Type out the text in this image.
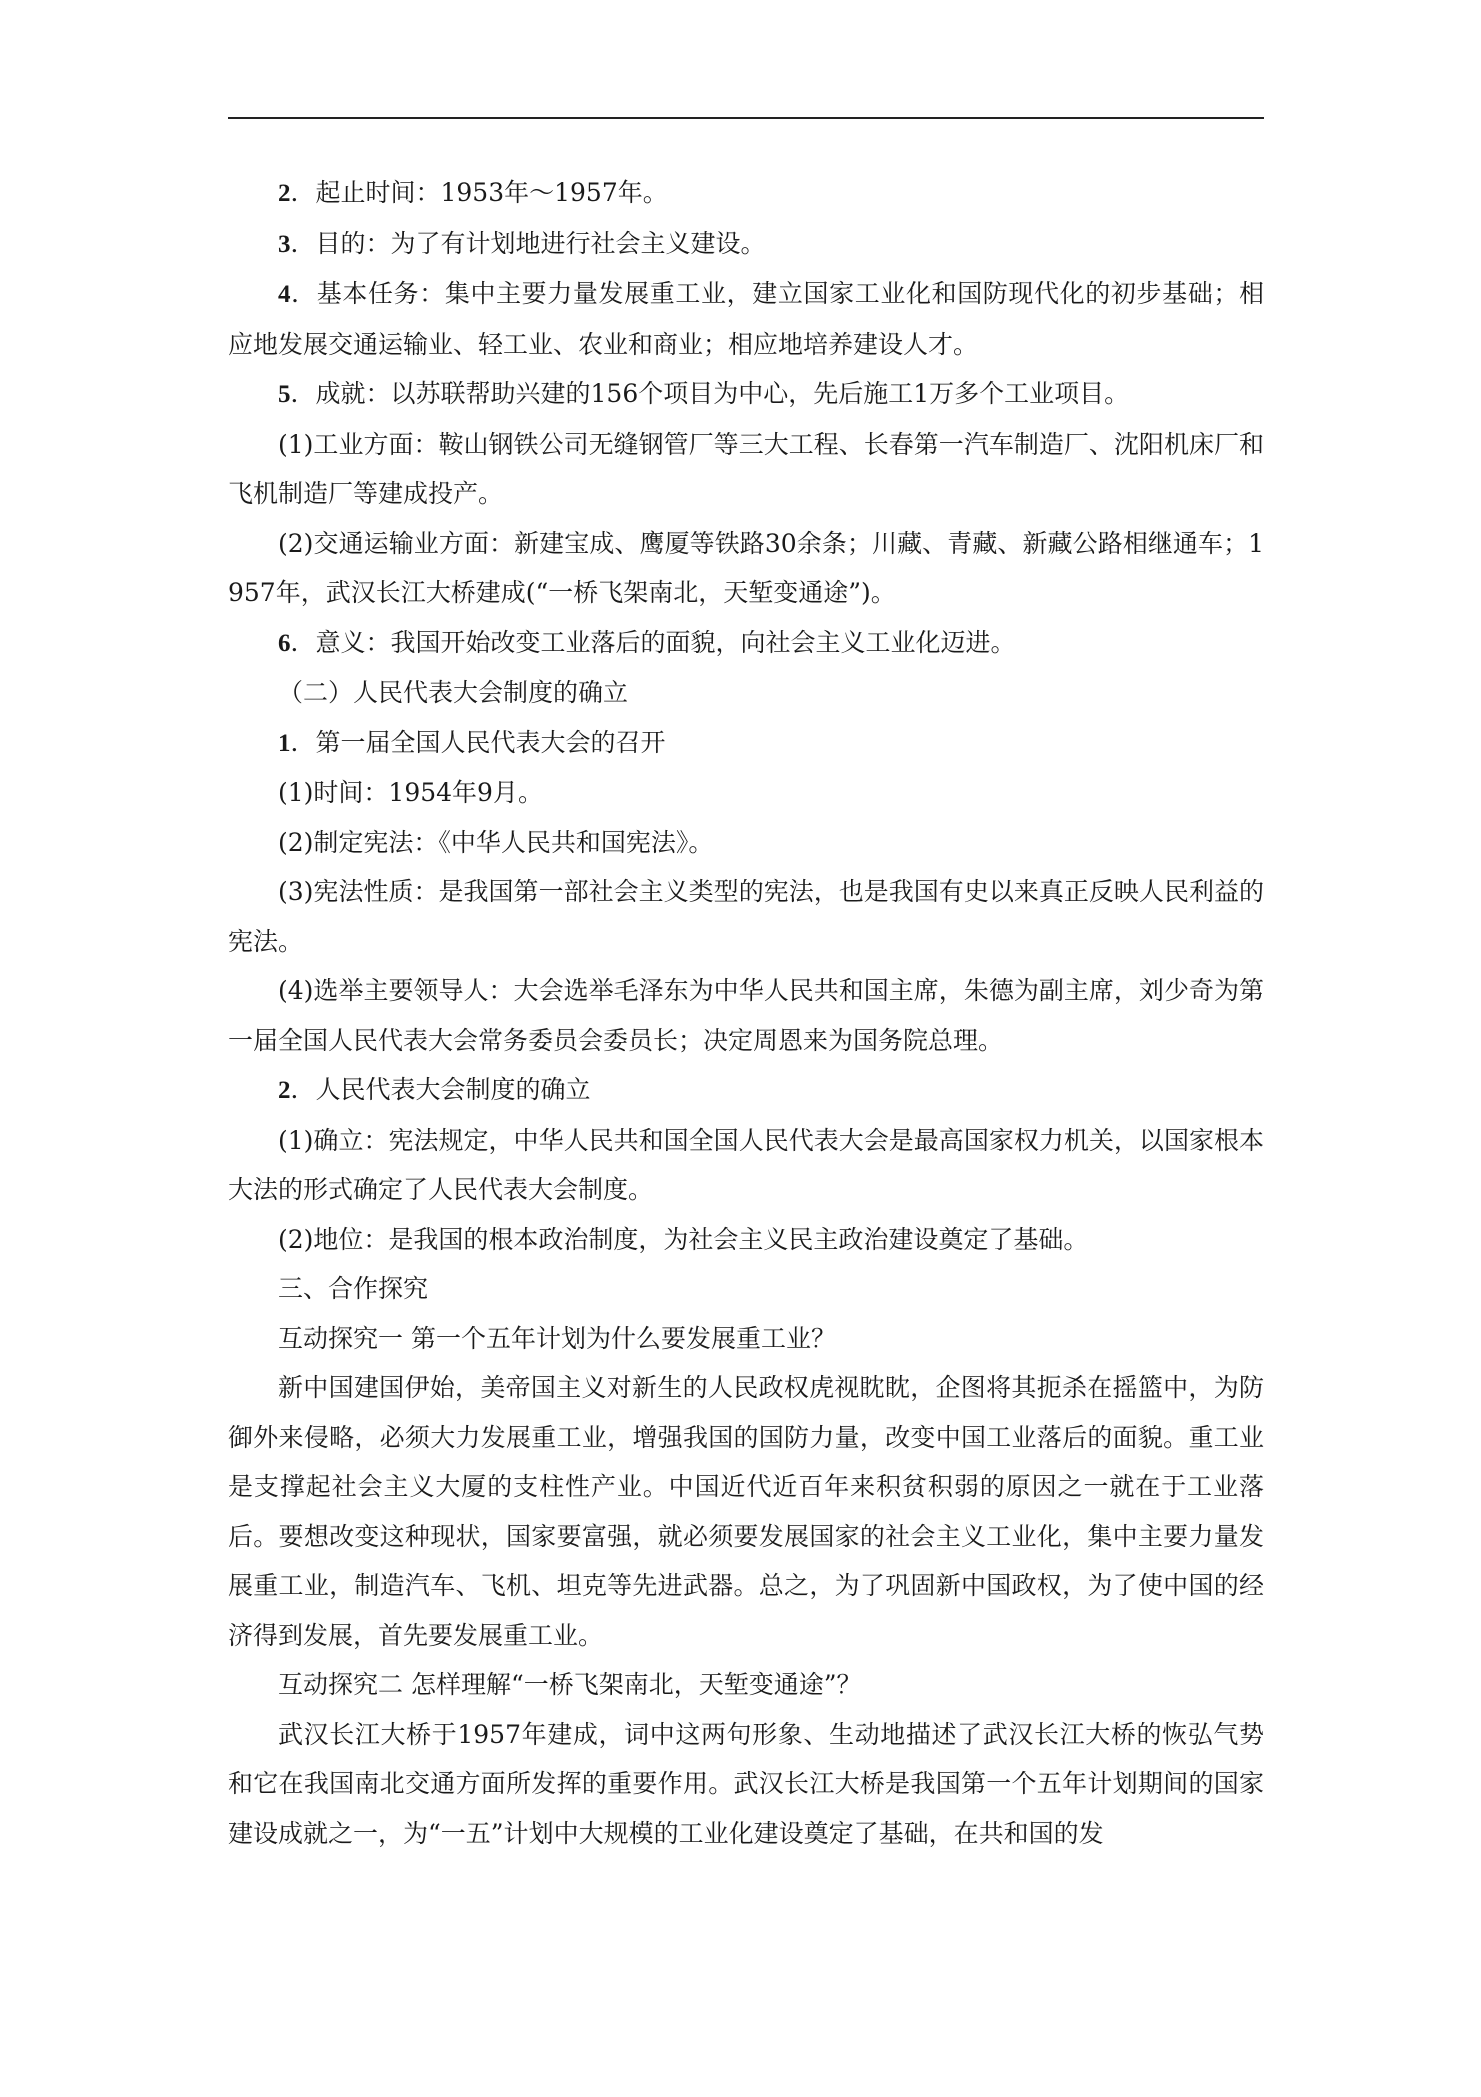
2．起止时间：1953年～1957年。

3．目的：为了有计划地进行社会主义建设。

4．基本任务：集中主要力量发展重工业，建立国家工业化和国防现代化的初步基础；相应地发展交通运输业、轻工业、农业和商业；相应地培养建设人才。

5．成就：以苏联帮助兴建的156个项目为中心，先后施工1万多个工业项目。

(1)工业方面：鞍山钢铁公司无缝钢管厂等三大工程、长春第一汽车制造厂、沈阳机床厂和飞机制造厂等建成投产。

(2)交通运输业方面：新建宝成、鹰厦等铁路30余条；川藏、青藏、新藏公路相继通车；1957年，武汉长江大桥建成(“一桥飞架南北，天堑变通途”)。

6．意义：我国开始改变工业落后的面貌，向社会主义工业化迈进。

（二）人民代表大会制度的确立

1．第一届全国人民代表大会的召开

(1)时间：1954年9月。

(2)制定宪法：《中华人民共和国宪法》。

(3)宪法性质：是我国第一部社会主义类型的宪法，也是我国有史以来真正反映人民利益的宪法。

(4)选举主要领导人：大会选举毛泽东为中华人民共和国主席，朱德为副主席，刘少奇为第一届全国人民代表大会常务委员会委员长；决定周恩来为国务院总理。

2．人民代表大会制度的确立

(1)确立：宪法规定，中华人民共和国全国人民代表大会是最高国家权力机关，以国家根本大法的形式确定了人民代表大会制度。

(2)地位：是我国的根本政治制度，为社会主义民主政治建设奠定了基础。

三、合作探究

互动探究一 第一个五年计划为什么要发展重工业？

新中国建国伊始，美帝国主义对新生的人民政权虎视眈眈，企图将其扼杀在摇篮中，为防御外来侵略，必须大力发展重工业，增强我国的国防力量，改变中国工业落后的面貌。重工业是支撑起社会主义大厦的支柱性产业。中国近代近百年来积贫积弱的原因之一就在于工业落后。要想改变这种现状，国家要富强，就必须要发展国家的社会主义工业化，集中主要力量发展重工业，制造汽车、飞机、坦克等先进武器。总之，为了巩固新中国政权，为了使中国的经济得到发展，首先要发展重工业。

互动探究二 怎样理解“一桥飞架南北，天堑变通途”？

武汉长江大桥于1957年建成，词中这两句形象、生动地描述了武汉长江大桥的恢弘气势和它在我国南北交通方面所发挥的重要作用。武汉长江大桥是我国第一个五年计划期间的国家建设成就之一，为“一五”计划中大规模的工业化建设奠定了基础，在共和国的发
